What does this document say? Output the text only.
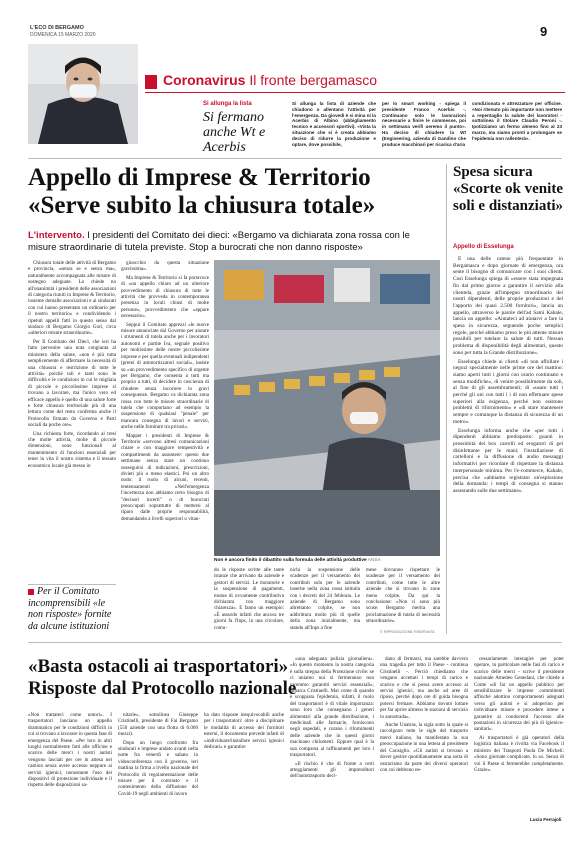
L'ECO DI BERGAMO
DOMENICA 15 MARZO 2020	9
Coronavirus Il fronte bergamasco
Si allunga la lista
Si fermano anche Wt e Acerbis
Si allunga la lista di aziende che chiudono o allentano l'attività per l'emergenza. Da giovedì è si mina ni la Acerbis di Albino (abbigliamento tecnico e accessori sportivi). «Vista la situazione che si è creata abbiamo deciso di ridurre la produzione e optare, dove possibile,
per lo smart working - spiega il presidente Franco Acerbis -. Continuano solo le lavorazioni necessarie a finire le commesse, poi in settimana verifi ueremo il punto». Ha deciso di chiudere la Wt (Engineering, azienda di Gandino che produce macchinari per ricarica d'aria
condizionata e attrezzature per officine. «Noi ritenuto più importante non mettere a repentaglio la salute dei lavoratori - sottolinea il titolare Claudio Peroni -. Ipotizziamo un fermo almeno fino al 23 marzo, ma siamo pronti a prolungare se l'epidemia non rallenterà».
Appello di Imprese & Territorio
«Serve subito la chiusura totale»
L'intervento. I presidenti del Comitato dei dieci: «Bergamo va dichiarata zona rossa con le misure straordinarie di tutela previste. Stop a burocrati che non danno risposte»

Chiusura totale delle attività di Bergamo e provincia, «senza se e senza ma», naturalmente accompagnata alle misure di sostegno adeguate. Lo chiede no all'unanimità i presidenti delle associazioni di categoria riuniti in Imprese & Territorio, insieme domalle associazioni e ai sindacati con cui hanno presentato un ordinario per il nostro territorio» e condividendo i ripetuti appelli fatti in questo senso dal sindaco di Bergamo Giorgio Gori, circa «ulteriori misure straordinarie».

Per Il Comitato dei Dieci, che ieri ha fatto pervenire una nota congiunta al ministero della salute, «non è più tutta semplicemente di affermare la necessità di una chiusura e restrizione di tutte le attività» poiché tali e tanti sono le difficoltà e le condizioni in cui le migliaia di piccole e piccolissime imprese si trovano a lavorare, ma l'unico vero ed efficace appello è quello di una salute forte e forte chiusura territoriale più di una lettura come del resto conferma anche il Protocollo firmato da Governo e Parti sociali da poche ore».

Una richiesta forte, ricordando al tresi che molte attività, molte di piccole dimensioni, sono funzionali al mantenimento di funzioni essenziali per tener in vita il nostro sistema e il tessuto economico locale già messo in

Per il Comitato incomprensibili «le non risposte» fornite da alcune istituzioni

ginocchio da questa situazione gravissima».

Ma Imprese & Territorio si fa portavoce di «un appello chiaro ad un ulteriore provvedimento di chiusura di tutte le attività che provveda in contemporanea presenza in locali chiusi di molte persone», provvedimento che «appare necessario».

Seppur il Comitato apprezzi «le nuove misure annunciate dal Governo per aiutare i strumenti di tutela anche per i lavoratori autonomi e partite Iva, segnale positivo per moltissime delle nostre piccolissime imprese e per quella eventuali indipendenti (prerei di ammortizzatori sociali», insiste su «un provvedimento specifico di urgente per Bergamo, che consenta a tutti ma proprio a tutti, di decidere in coscienza di chiudere senza incorrere in gravi conseguenze. Bergamo va dichiarata zona rossa con tutte le misure straordinarie di tutela che comportano ad esempio la sospensione di qualsiasi "penale" per mancata consegna di lavori e servizi, anche nelle forniture tra privati».

Mapper i presidenti di Imprese & Territorio «servono altresì comunicazioni chiare e con maggiore tempestività e compartimenti da assumere: questo due settimane senza stare un continuo susseguirsi di indicazioni, prescrizioni, divieti più o meno elastici. Poi un altro nodo: il ruolo di alcuni, recenti, tentennamenti «Nell'emergenza l'incertezza non abbiamo certo bisogno di "decisori incerti" o di burocrati preoccupati soprattutto di mettersi al riparo dalle proprie responsabilità, demandando a livelli superiori o vitan-

Non è ancora finito il dibattito sulla formula delle attività produttive ANSA
do le risposte scritte alle tante istanze che arrivano da aziende e gestori di servizi. Le moratorie e la sospensione di pagamenti, mutue di ovvamente contributiva dichiarata con maggiore chiarezza». E fanno un esempio: «È assurdo infatti che ancora tre giorni fa l'Inps, in una circolare, comu-
nichi la sospensione delle scadenze per il versamento dei contributi solo per le aziende inserite nella zona rossa istituita con i decreti del 24 febbraio. Le aziende di Bergamo sono altrettanto colpite, se non addirittura molto più di quelle della zona inizialmente, ma stando all'Inps a fine
mese dovranno rispettare le scadenze per il versamento dei contributi, come tutte le altre aziende che si trovano in zone meno colpite. Da qui la conclusione: «Non ci sono più scuse: Bergamo merita una proclamazione di tutela di necessità straordinarie».
© RIPRODUZIONE RISERVATA
Spesa sicura «Scorte ok venite soli e distanziati»
Appello di Esselunga

È una delle catene più frequentate in Bergamasca e dopo giornate di emergenza, ora sente il bisogno di comunicare con i suoi clienti. Così Esselunga spiega di «essere stata impegnata fin dal primo giorno a garantire il servizio alla clientela, grazie all'impegno straordinario dei nostri dipendenti, delle proprie produzioni e del l'apporto dei quasi 2.500 fornitori», lancia un appello, attraverso le parole dell'ad Sami Kahale, lancia un appello: «Aiutateci ad aiutarvi a fare la spesa in sicurezza, seguendo poche semplici regole, perché abbiamo preso le più attente misure possibili per tutelare la salute di tutti. Nessun problema di disponibilità degli alimentari, questo sono per tutta la Grande distribuzione».

Esselunga chiede ai clienti «di non affollare i negozi specialmente nelle prime ore del mattino: siamo aperti tutti i giorni con orario continuato e senza modifiche», di venire possibilmente da soli, al fine di gli assembramenti; di «usare tutti i perché gli uni con tutti i i di non effettuare spese superiori alla esigenza, perché non esistono problemi di rifornimento» e «di stare mantenere sempre e comunque la distanza di sicurezza di un metro».

Esselunga informa anche che «per tutti i dipendenti abbiamo predisposto: guanti in prossimità dei box carrelli ed erogatori di gel disinfettante per le mani; l'installazione di cartelloni e la diffusione di audio messaggi informativi per ricordare di rispettare la distanza interpersonale minima. Per l'e-commerce, Kahale, precisa che «abbiamo registrato un'esplosione della domanda: i tempi di consegna si stanno assestando sulle due settimane».

«Basta ostacoli ai trasportatori»
Risposte dal Protocollo nazionale
«Non trattateci come untori». I trasportatori lanciano un appello drammatico per le condizioni difficili in cui si trovano a lavorare in questa fase di emergenza del Paese. «Per loro in altri luoghi normalmente fatti alle officine e scarico delle merci i nostri autisti vengono lasciati per ore in attesa nei camion senza avere accesso neppure ai servizi igienici, nonostante l'uso dei dispositivi di protezione individuale e il rispetto delle disposizioni sa-

nitarie», sottolinea Giuseppe Cristinelli, presidente di Fai Bergamo (550 aziende con una flotta di 6.000 mezzi).

Dopo un lungo confronto fra sindacati e imprese andato avanti nella notte fra venerdì e sabato in videoconferenza con il governo, ieri mattina la firma a livello nazionale del Protocollo di regolamentazione delle misure per il contrasto e il contenimento della diffusione del Covid-19 negli ambienti di lavoro

ha dato risposte inequivocabili anche per i trasportatori: oltre a disciplinare le modalità di accesso dei fornitori esterni, il documento prevede infatti di «individuare/installare servizi igienici dedicati» e garantire

«una adeguata pulizia giornaliera». «In questo momento la nostra categoria è sulla stregua della Protezione civile: se ci uniamo noi si fermeranno non saremmo garantiti servizi essenziali», rimarca Cristinelli. Mai come di quando è scoppiata l'epidemia, infatti, il ruolo del trasportatori è di vitale importanza: sono loro che consegnano i generi alimentari alla grande distribuzione, i medicinali alle farmacie, forniscono negli ospedali, e curano i rifornimenti delle aziende che in questi giorni macinano chilometri. Eppure qual è la sua comparsa ai raffinamenti per loro i trasportatori.

«Il rischio è che di fronte a certi atteggiamenti gli imprenditori dell'autotrasporto deci-

dano di fermarsi, ma sarebbe davvero una tragedia per tutto il Paese - continua Cristinelli -. Perciò chiediamo che vengano accettati i tempi di carico e scarico e che si possa avere accesso ai servizi igienici, ma anche ad aree di riposo, perché dopo ore di guida bisogna potersi fermare. Abbiamo dovuto lottare per far aprire almeno le stazioni di servizio in autostrada».

Anche Unatras, la sigla sotto la quale si raccolgono tutte le sigle del trasporto merci italiano, ha manifestato la sua preoccupazione in una lettera al presidente del Consiglio. «Gli autisti si trovano a dover gestire quotidianamente una sorta di ostracismo da parte dei diversi operatori con cui debbono ne-

cessariamente interagire per poter operare, in particolare nelle fasi di carico e scarico delle merci - scrive il presidente nazionale Amedeo Genedani, che chiede a Conte «di far un appello pubblico per sensibilizzare le imprese committenti affinché adottino comportamenti adeguati verso gli autisti e si adoperino per individuare misure e procedere intese a garantire ai conducenti l'accesso alle postazioni in sicurezza dei più di igienico-sanitari».

Ai trasportatori è già operatori della logistica italiana è rivolta via Facebook il ministro dei Trasporti Paola De Micheli: «Sono giornate complicate, lo so. Senza di voi il Paese si fermerebbe completamente. Grazie».

Lucia Ferrajoli
